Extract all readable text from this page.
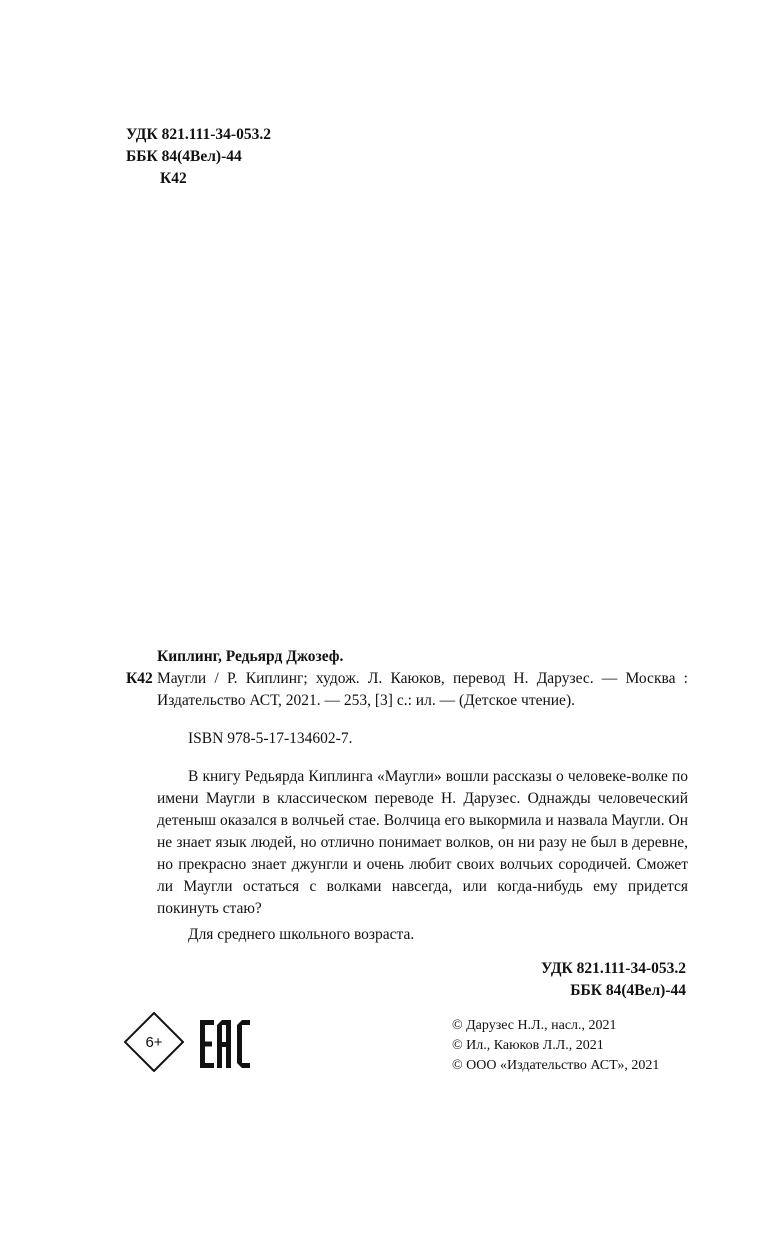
УДК 821.111-34-053.2
ББК 84(4Вел)-44
К42
Киплинг, Редьярд Джозеф.
К42 Маугли / Р. Киплинг; худож. Л. Каюков, перевод Н. Дарузес. — Москва : Издательство АСТ, 2021. — 253, [3] с.: ил. — (Детское чтение).
ISBN 978-5-17-134602-7.
В книгу Редьярда Киплинга «Маугли» вошли рассказы о человеке-волке по имени Маугли в классическом переводе Н. Дарузес. Однажды человеческий детеныш оказался в волчьей стае. Волчица его выкормила и назвала Маугли. Он не знает язык людей, но отлично понимает волков, он ни разу не был в деревне, но прекрасно знает джунгли и очень любит своих волчьих сородичей. Сможет ли Маугли остаться с волками навсегда, или когда-нибудь ему придется покинуть стаю?
Для среднего школьного возраста.
УДК 821.111-34-053.2
ББК 84(4Вел)-44
6+
© Дарузес Н.Л., насл., 2021
© Ил., Каюков Л.Л., 2021
© ООО «Издательство АСТ», 2021
